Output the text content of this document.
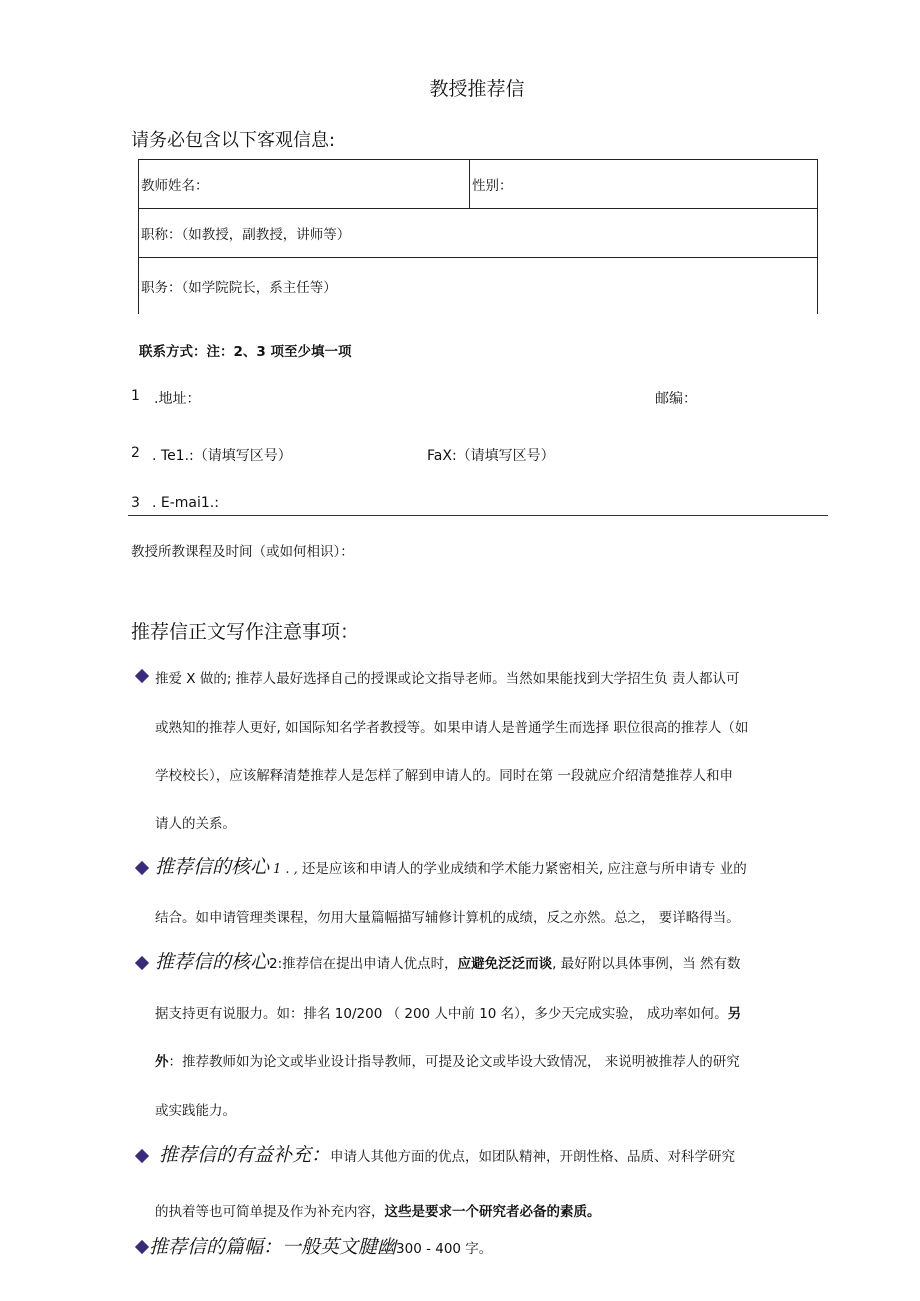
教授推荐信
请务必包含以下客观信息:
教师姓名：	性别：
职称：（如教授，副教授，讲师等）
职务：（如学院院长，系主任等）
联系方式：注：2、3 项至少填一项
1 .地址：	邮编：
2 . Te1.:（请填写区号）	FaX:（请填写区号）
3 . E-mai1.:
教授所教课程及时间（或如何相识）：
推荐信正文写作注意事项：
推爱 X 做的; 推荐人最好选择自己的授课或论文指导老师。当然如果能找到大学招生负 责人都认可
或熟知的推荐人更好, 如国际知名学者教授等。如果申请人是普通学生而选择 职位很高的推荐人（如
学校校长），应该解释清楚推荐人是怎样了解到申请人的。同时在第 一段就应介绍清楚推荐人和申
请人的关系。
推荐信的核心 1 . , 还是应该和申请人的学业成绩和学术能力紧密相关, 应注意与所申请专 业的
结合。如申请管理类课程，勿用大量篇幅描写辅修计算机的成绩，反之亦然。总之， 要详略得当。
推荐信的核心2:推荐信在提出申请人优点时，应避免泛泛而谈, 最好附以具体事例，当 然有数
据支持更有说服力。如：排名 10/200 （ 200 人中前 10 名），多少天完成实验， 成功率如何。另
外：推荐教师如为论文或毕业设计指导教师，可提及论文或毕设大致情况， 来说明被推荐人的研究
或实践能力。
推荐信的有益补充：申请人其他方面的优点，如团队精神，开朗性格、品质、对科学研究
的执着等也可简单提及作为补充内容，这些是要求一个研究者必备的素质。
推荐信的篇幅：一般英文腱幽300 - 400 字。
